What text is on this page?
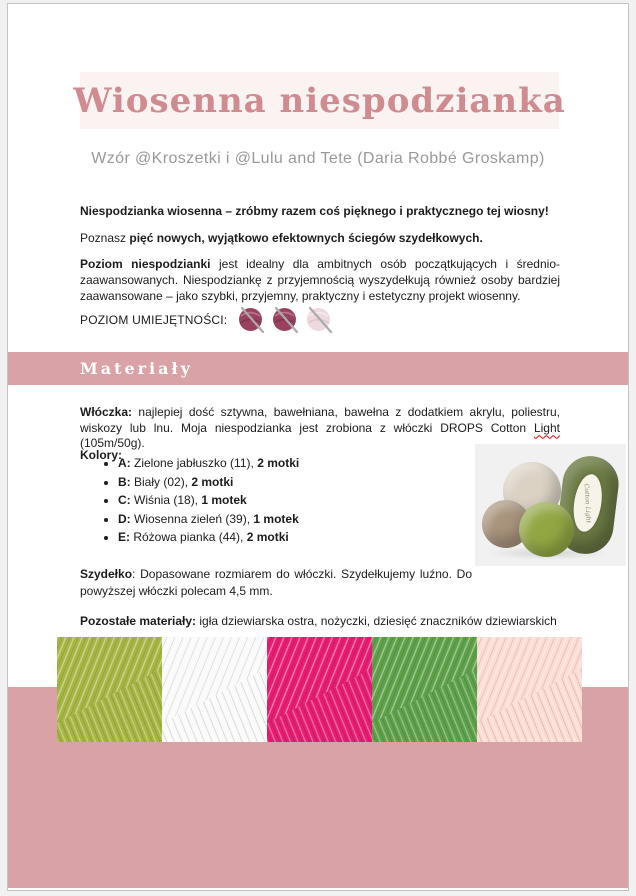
Wiosenna niespodzianka
Wzór @Kroszetki i @Lulu and Tete (Daria Robbé Groskamp)

Niespodzianka wiosenna – zróbmy razem coś pięknego i praktycznego tej wiosny!

Poznasz pięć nowych, wyjątkowo efektownych ściegów szydełkowych.

Poziom niespodzianki jest idealny dla ambitnych osób początkujących i średnio-zaawansowanych. Niespodziankę z przyjemnością wyszydełkują również osoby bardziej zaawansowane – jako szybki, przyjemny, praktyczny i estetyczny projekt wiosenny.

POZIOM UMIEJĘTNOŚCI:
Materiały

Włóczka: najlepiej dość sztywna, bawełniana, bawełna z dodatkiem akrylu, poliestru, wiskozy lub lnu. Moja niespodzianka jest zrobiona z włóczki DROPS Cotton Light (105m/50g).

Kolory:

• A: Zielone jabłuszko (11), 2 motki
• B: Biały (02), 2 motki
• C: Wiśnia (18), 1 motek
• D: Wiosenna zieleń (39), 1 motek
• E: Różowa pianka (44), 2 motki
Cotton Light

Szydełko: Dopasowane rozmiarem do włóczki. Szydełkujemy luźno. Do powyższej włóczki polecam 4,5 mm.

Pozostałe materiały: igła dziewiarska ostra, nożyczki, dziesięć znaczników dziewiarskich
